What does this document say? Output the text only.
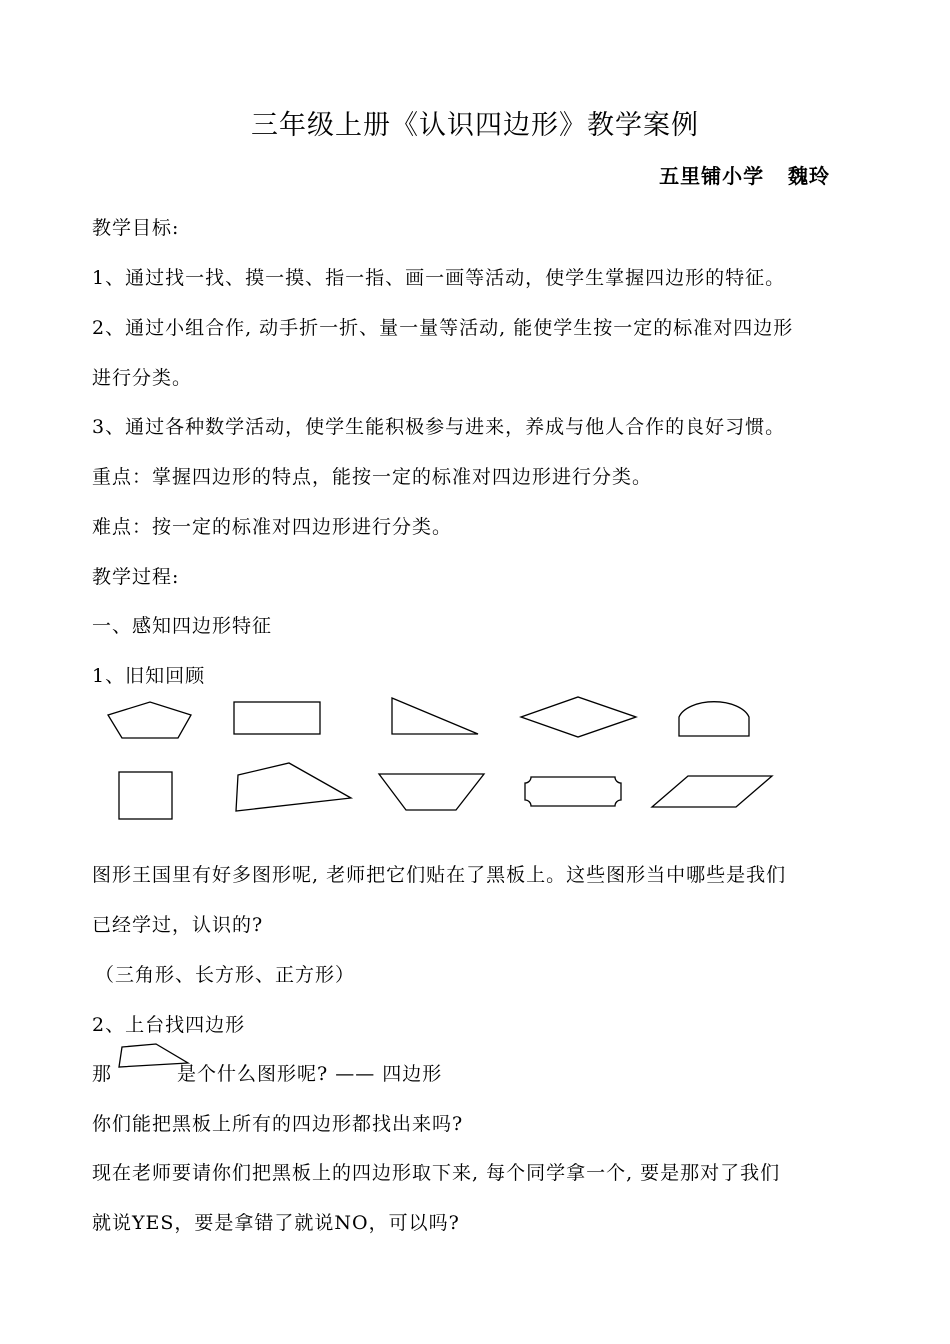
三年级上册《认识四边形》教学案例
五里铺小学   魏玲
教学目标:
1、通过找一找、摸一摸、指一指、画一画等活动，使学生掌握四边形的特征。
2、通过小组合作, 动手折一折、量一量等活动, 能使学生按一定的标准对四边形
进行分类。
3、通过各种数学活动，使学生能积极参与进来，养成与他人合作的良好习惯。
重点：掌握四边形的特点，能按一定的标准对四边形进行分类。
难点：按一定的标准对四边形进行分类。
教学过程:
一、感知四边形特征
1、旧知回顾
图形王国里有好多图形呢, 老师把它们贴在了黑板上。这些图形当中哪些是我们
已经学过，认识的?
（三角形、长方形、正方形）
2、上台找四边形
那	是个什么图形呢? —— 四边形
你们能把黑板上所有的四边形都找出来吗?
现在老师要请你们把黑板上的四边形取下来, 每个同学拿一个, 要是那对了我们
就说YES，要是拿错了就说NO，可以吗?
